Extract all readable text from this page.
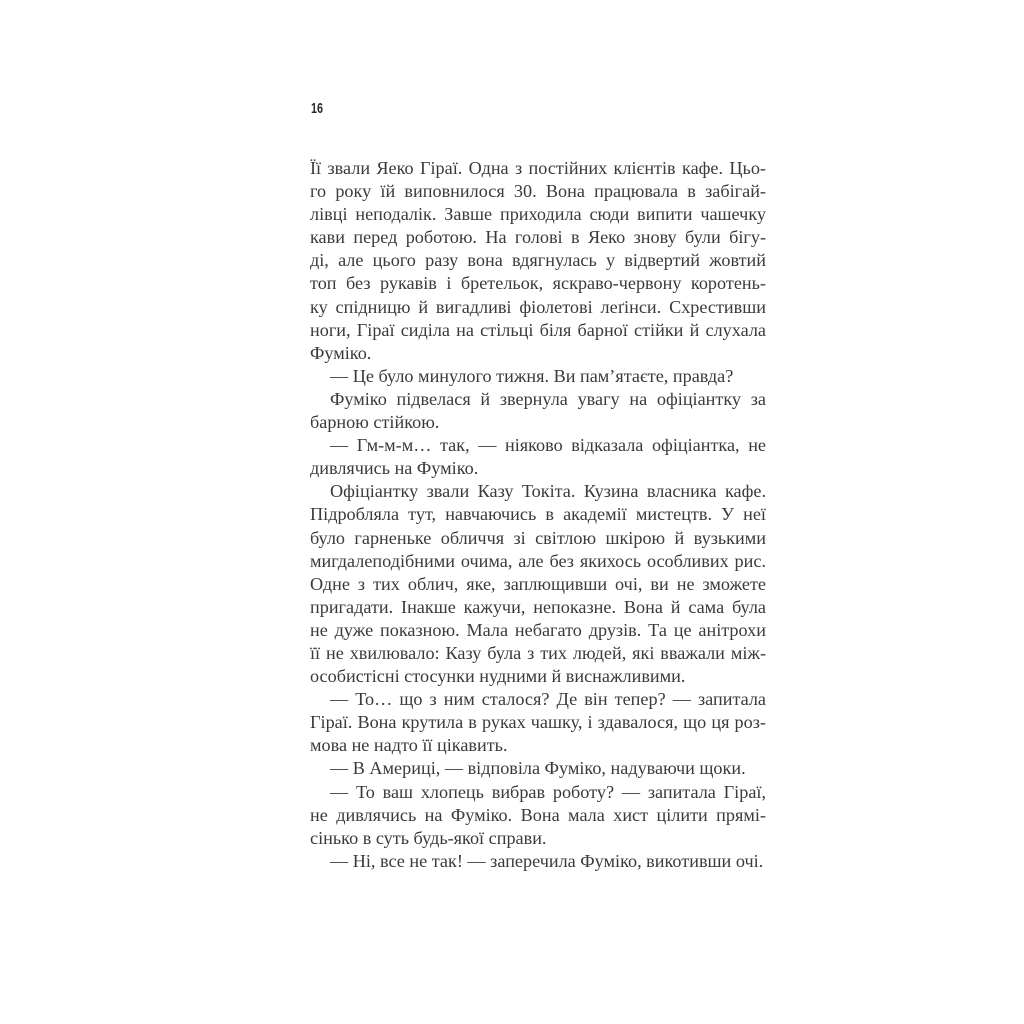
16
Її звали Яеко Гіраї. Одна з постійних клієнтів кафе. Цьо-
го року їй виповнилося 30. Вона працювала в забігай-
лівці неподалік. Завше приходила сюди випити чашечку
кави перед роботою. На голові в Яеко знову були бігу-
ді, але цього разу вона вдягнулась у відвертий жовтий
топ без рукавів і бретельок, яскраво-червону коротень-
ку спідницю й вигадливі фіолетові леґінси. Схрестивши
ноги, Гіраї сиділа на стільці біля барної стійки й слухала
Фуміко.
— Це було минулого тижня. Ви пам’ятаєте, правда?
Фуміко підвелася й звернула увагу на офіціантку за
барною стійкою.
— Гм-м-м… так, — ніяково відказала офіціантка, не
дивлячись на Фуміко.
Офіціантку звали Казу Токіта. Кузина власника кафе.
Підробляла тут, навчаючись в академії мистецтв. У неї
було гарненьке обличчя зі світлою шкірою й вузькими
мигдалеподібними очима, але без якихось особливих рис.
Одне з тих облич, яке, заплющивши очі, ви не зможете
пригадати. Інакше кажучи, непоказне. Вона й сама була
не дуже показною. Мала небагато друзів. Та це анітрохи
її не хвилювало: Казу була з тих людей, які вважали між-
особистісні стосунки нудними й виснажливими.
— То… що з ним сталося? Де він тепер? — запитала
Гіраї. Вона крутила в руках чашку, і здавалося, що ця роз-
мова не надто її цікавить.
— В Америці, — відповіла Фуміко, надуваючи щоки.
— То ваш хлопець вибрав роботу? — запитала Гіраї,
не дивлячись на Фуміко. Вона мала хист цілити прямі-
сінько в суть будь-якої справи.
— Ні, все не так! — заперечила Фуміко, викотивши очі.
